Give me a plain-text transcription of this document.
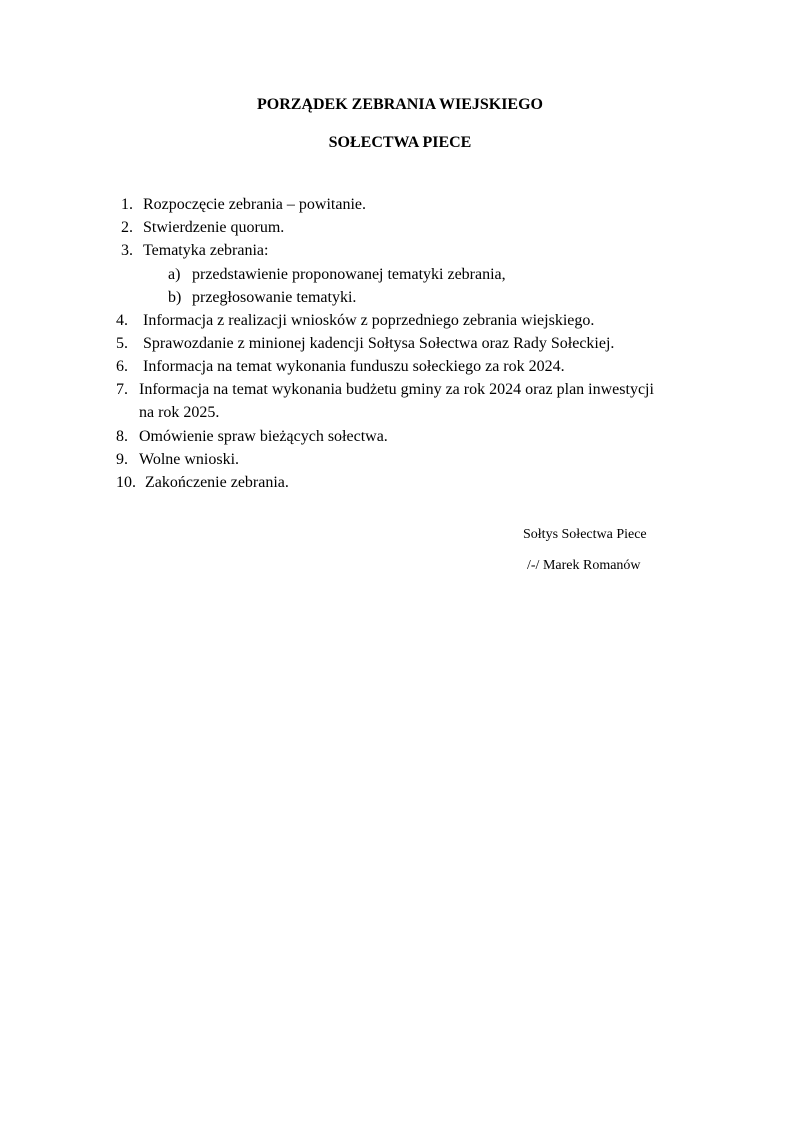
PORZĄDEK ZEBRANIA WIEJSKIEGO
SOŁECTWA PIECE
1. Rozpoczęcie zebrania – powitanie.
2. Stwierdzenie quorum.
3. Tematyka zebrania:
a) przedstawienie proponowanej tematyki zebrania,
b) przegłosowanie tematyki.
4. Informacja z realizacji wniosków z poprzedniego zebrania wiejskiego.
5. Sprawozdanie z minionej kadencji Sołtysa Sołectwa oraz Rady Sołeckiej.
6. Informacja na temat wykonania funduszu sołeckiego za rok 2024.
7. Informacja na temat wykonania budżetu gminy za rok 2024 oraz plan inwestycji
na rok 2025.
8. Omówienie spraw bieżących sołectwa.
9. Wolne wnioski.
10. Zakończenie zebrania.
Sołtys Sołectwa Piece
/-/ Marek Romanów
